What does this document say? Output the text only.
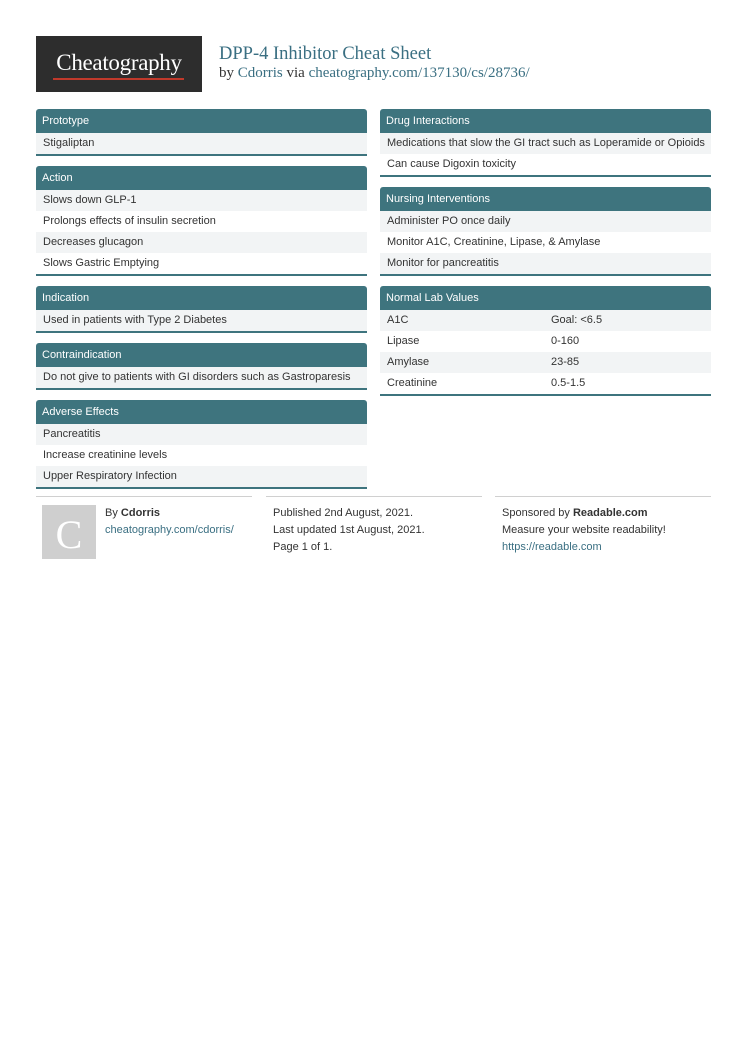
Cheatography	DPP-4 Inhibitor Cheat Sheet
by Cdorris via cheatography.com/137130/cs/28736/
Prototype
Stigaliptan
Action
Slows down GLP-1
Prolongs effects of insulin secretion
Decreases glucagon
Slows Gastric Emptying
Indication
Used in patients with Type 2 Diabetes
Contraindication
Do not give to patients with GI disorders such as Gastroparesis
Adverse Effects
Pancreatitis
Increase creatinine levels
Upper Respiratory Infection
Drug Interactions
Medications that slow the GI tract such as Loperamide or Opioids
Can cause Digoxin toxicity
Nursing Interventions
Administer PO once daily
Monitor A1C, Creatinine, Lipase, & Amylase
Monitor for pancreatitis
Normal Lab Values
A1C	Goal: <6.5
Lipase	0-160
Amylase	23-85
Creatinine	0.5-1.5
C	By Cdorris
cheatography.com/cdorris/
Published 2nd August, 2021.
Last updated 1st August, 2021.
Page 1 of 1.
Sponsored by Readable.com
Measure your website readability!
https://readable.com
